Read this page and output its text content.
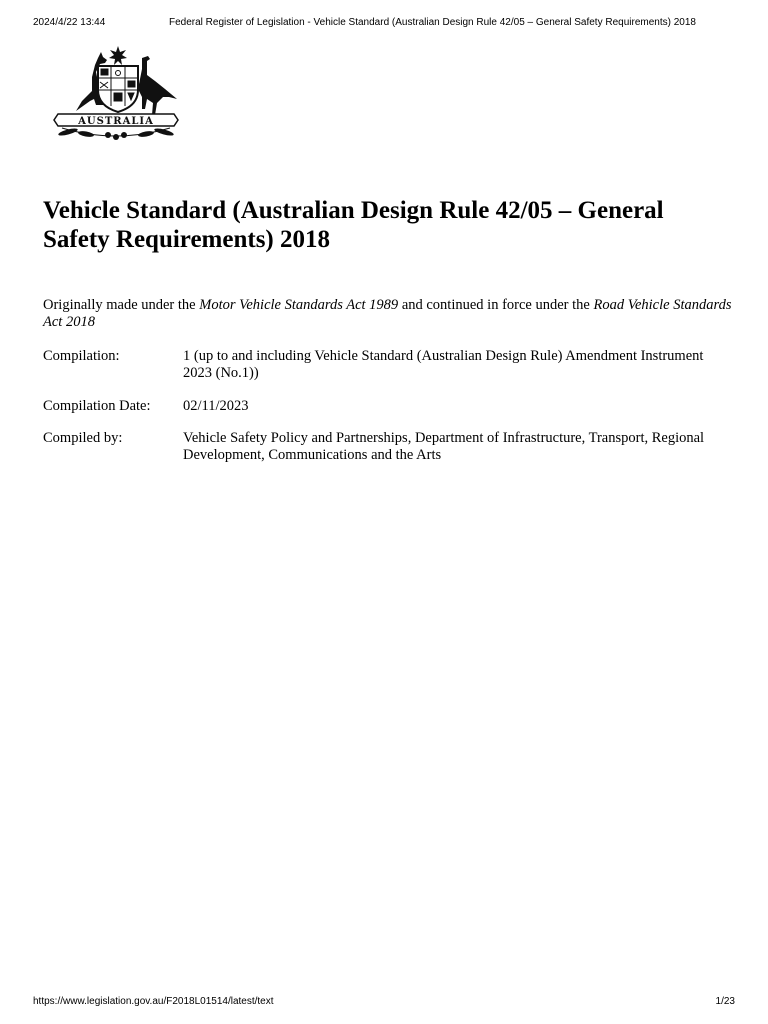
2024/4/22 13:44	Federal Register of Legislation - Vehicle Standard (Australian Design Rule 42/05 – General Safety Requirements) 2018
AUSTRALIA
Vehicle Standard (Australian Design Rule 42/05 – General Safety Requirements) 2018

Originally made under the Motor Vehicle Standards Act 1989 and continued in force under the Road Vehicle Standards Act 2018

Compilation:	1 (up to and including Vehicle Standard (Australian Design Rule) Amendment Instrument 2023 (No.1))
Compilation Date:	02/11/2023
Compiled by:	Vehicle Safety Policy and Partnerships, Department of Infrastructure, Transport, Regional Development, Communications and the Arts
https://www.legislation.gov.au/F2018L01514/latest/text	1/23
